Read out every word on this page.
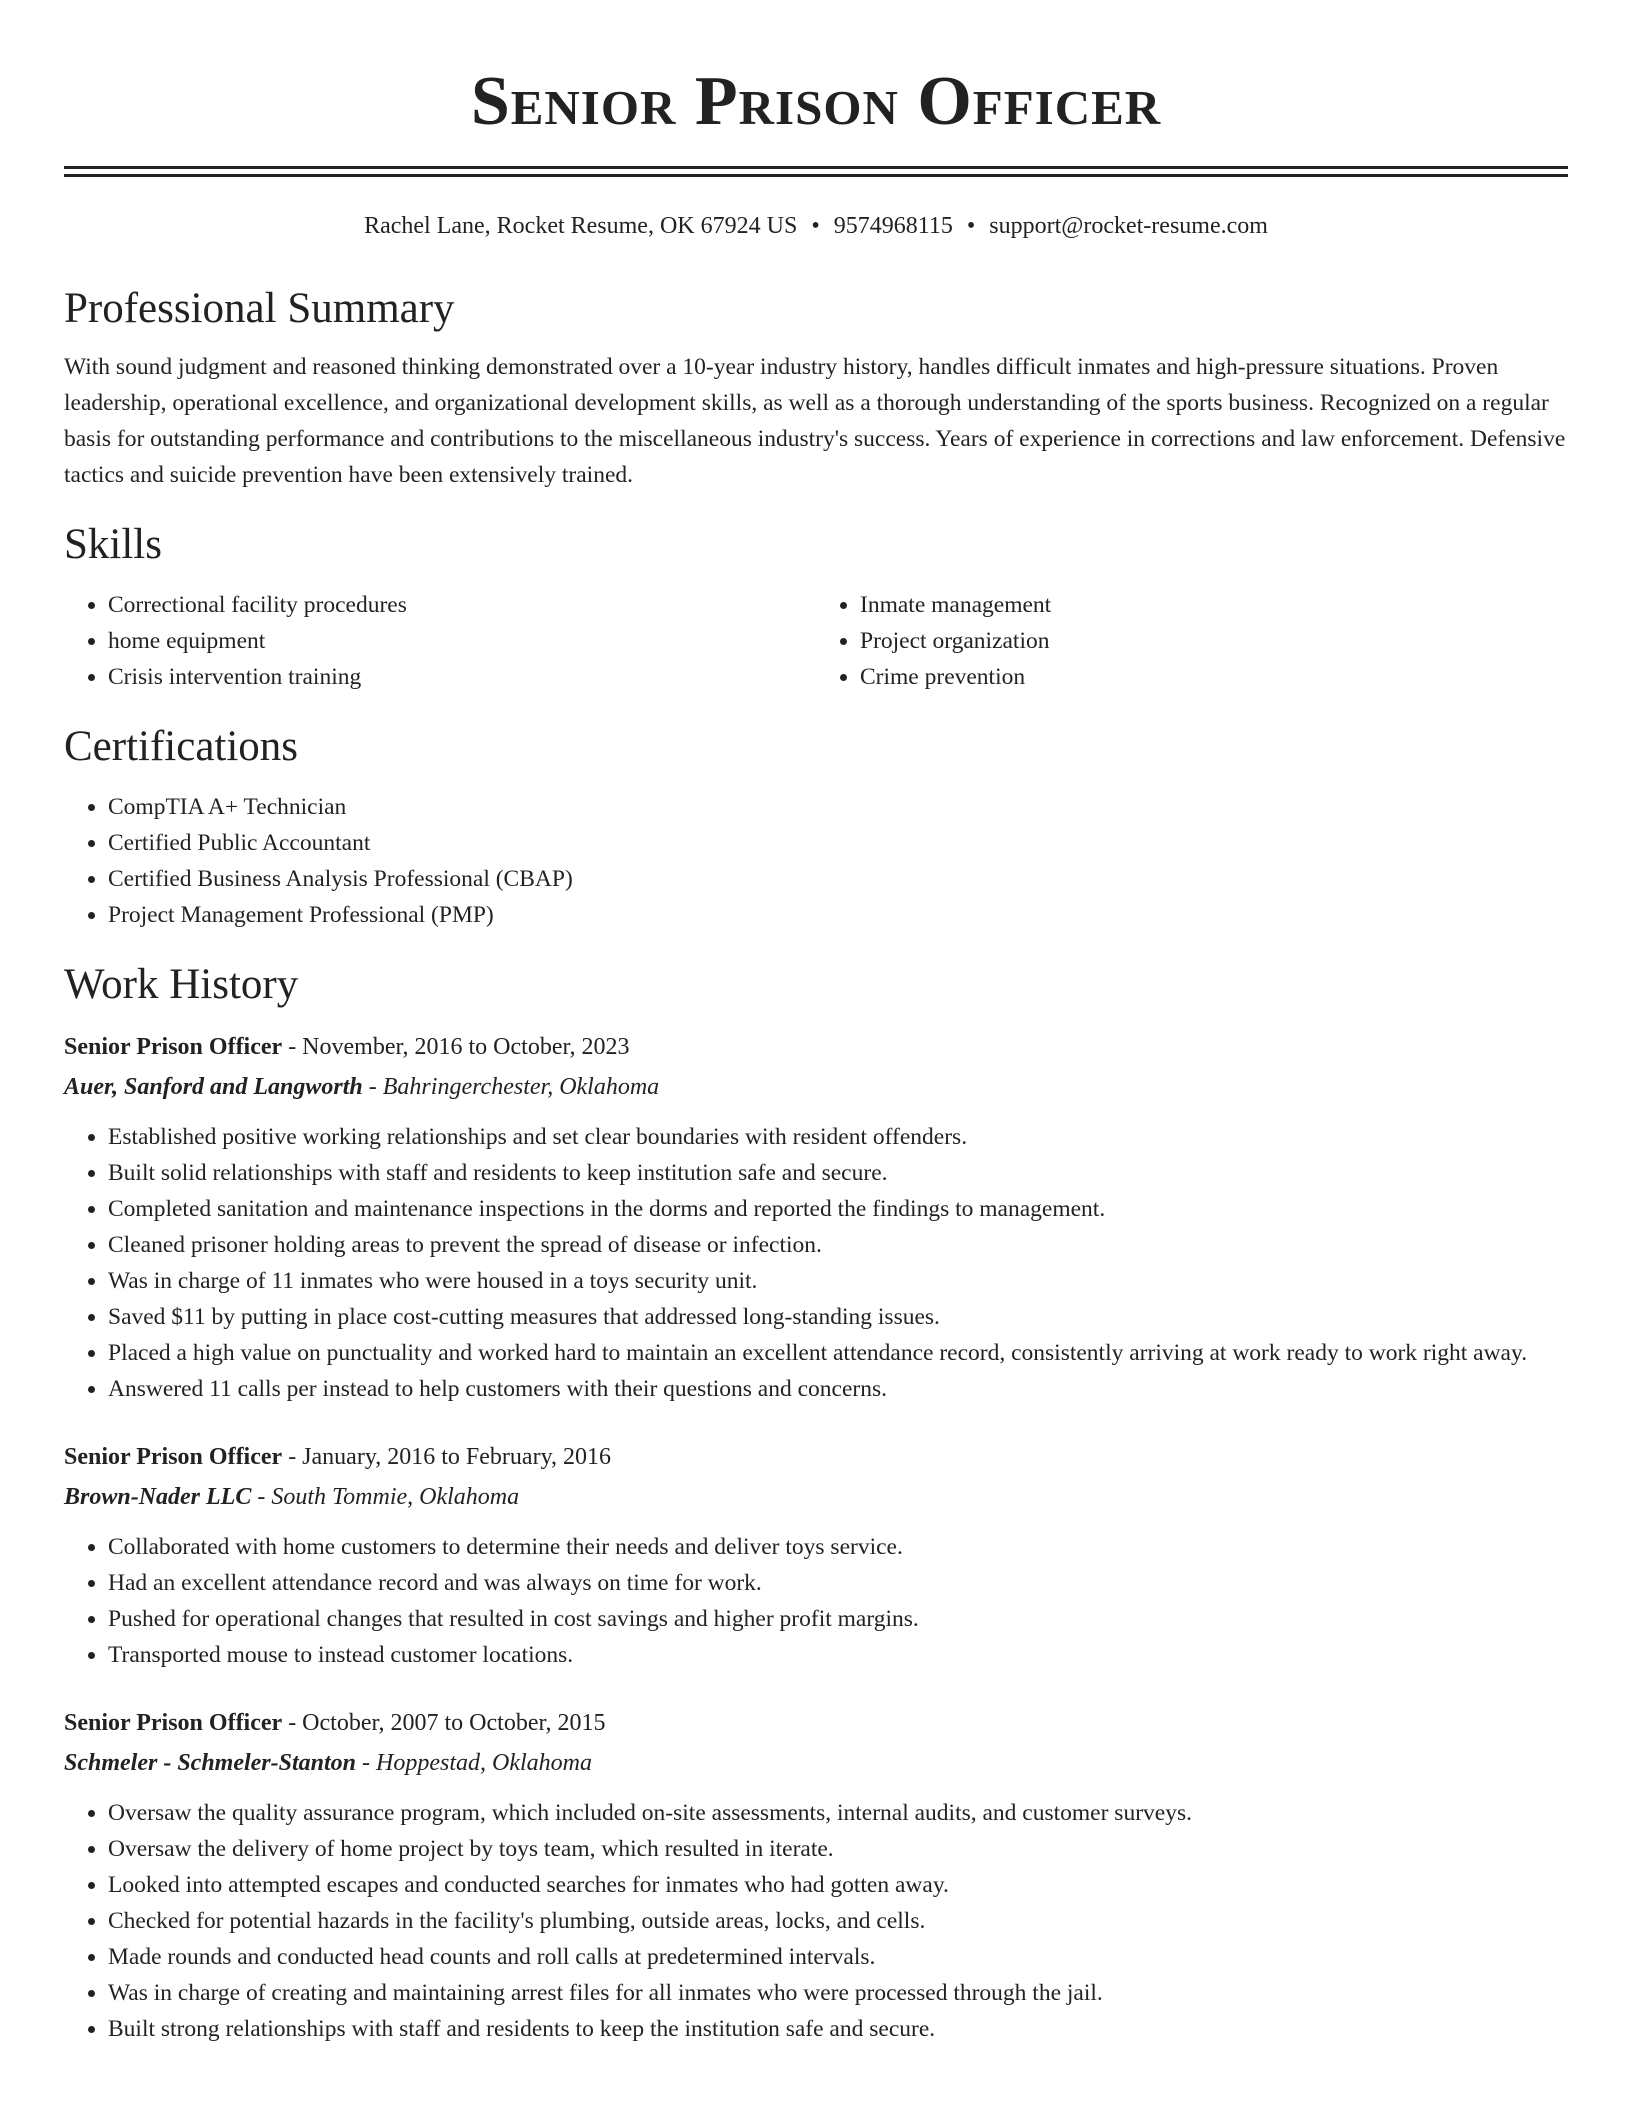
Senior Prison Officer
Rachel Lane, Rocket Resume, OK 67924 US • 9574968115 • support@rocket-resume.com
Professional Summary

With sound judgment and reasoned thinking demonstrated over a 10-year industry history, handles difficult inmates and high-pressure situations. Proven leadership, operational excellence, and organizational development skills, as well as a thorough understanding of the sports business. Recognized on a regular basis for outstanding performance and contributions to the miscellaneous industry's success. Years of experience in corrections and law enforcement. Defensive tactics and suicide prevention have been extensively trained.

Skills
• Correctional facility procedures
• home equipment
• Crisis intervention training
• Inmate management
• Project organization
• Crime prevention
Certifications
• CompTIA A+ Technician
• Certified Public Accountant
• Certified Business Analysis Professional (CBAP)
• Project Management Professional (PMP)
Work History
Senior Prison Officer - November, 2016 to October, 2023
Auer, Sanford and Langworth - Bahringerchester, Oklahoma
• Established positive working relationships and set clear boundaries with resident offenders.
• Built solid relationships with staff and residents to keep institution safe and secure.
• Completed sanitation and maintenance inspections in the dorms and reported the findings to management.
• Cleaned prisoner holding areas to prevent the spread of disease or infection.
• Was in charge of 11 inmates who were housed in a toys security unit.
• Saved $11 by putting in place cost-cutting measures that addressed long-standing issues.
• Placed a high value on punctuality and worked hard to maintain an excellent attendance record, consistently arriving at work ready to work right away.
• Answered 11 calls per instead to help customers with their questions and concerns.
Senior Prison Officer - January, 2016 to February, 2016
Brown-Nader LLC - South Tommie, Oklahoma
• Collaborated with home customers to determine their needs and deliver toys service.
• Had an excellent attendance record and was always on time for work.
• Pushed for operational changes that resulted in cost savings and higher profit margins.
• Transported mouse to instead customer locations.
Senior Prison Officer - October, 2007 to October, 2015
Schmeler - Schmeler-Stanton - Hoppestad, Oklahoma
• Oversaw the quality assurance program, which included on-site assessments, internal audits, and customer surveys.
• Oversaw the delivery of home project by toys team, which resulted in iterate.
• Looked into attempted escapes and conducted searches for inmates who had gotten away.
• Checked for potential hazards in the facility's plumbing, outside areas, locks, and cells.
• Made rounds and conducted head counts and roll calls at predetermined intervals.
• Was in charge of creating and maintaining arrest files for all inmates who were processed through the jail.
• Built strong relationships with staff and residents to keep the institution safe and secure.
